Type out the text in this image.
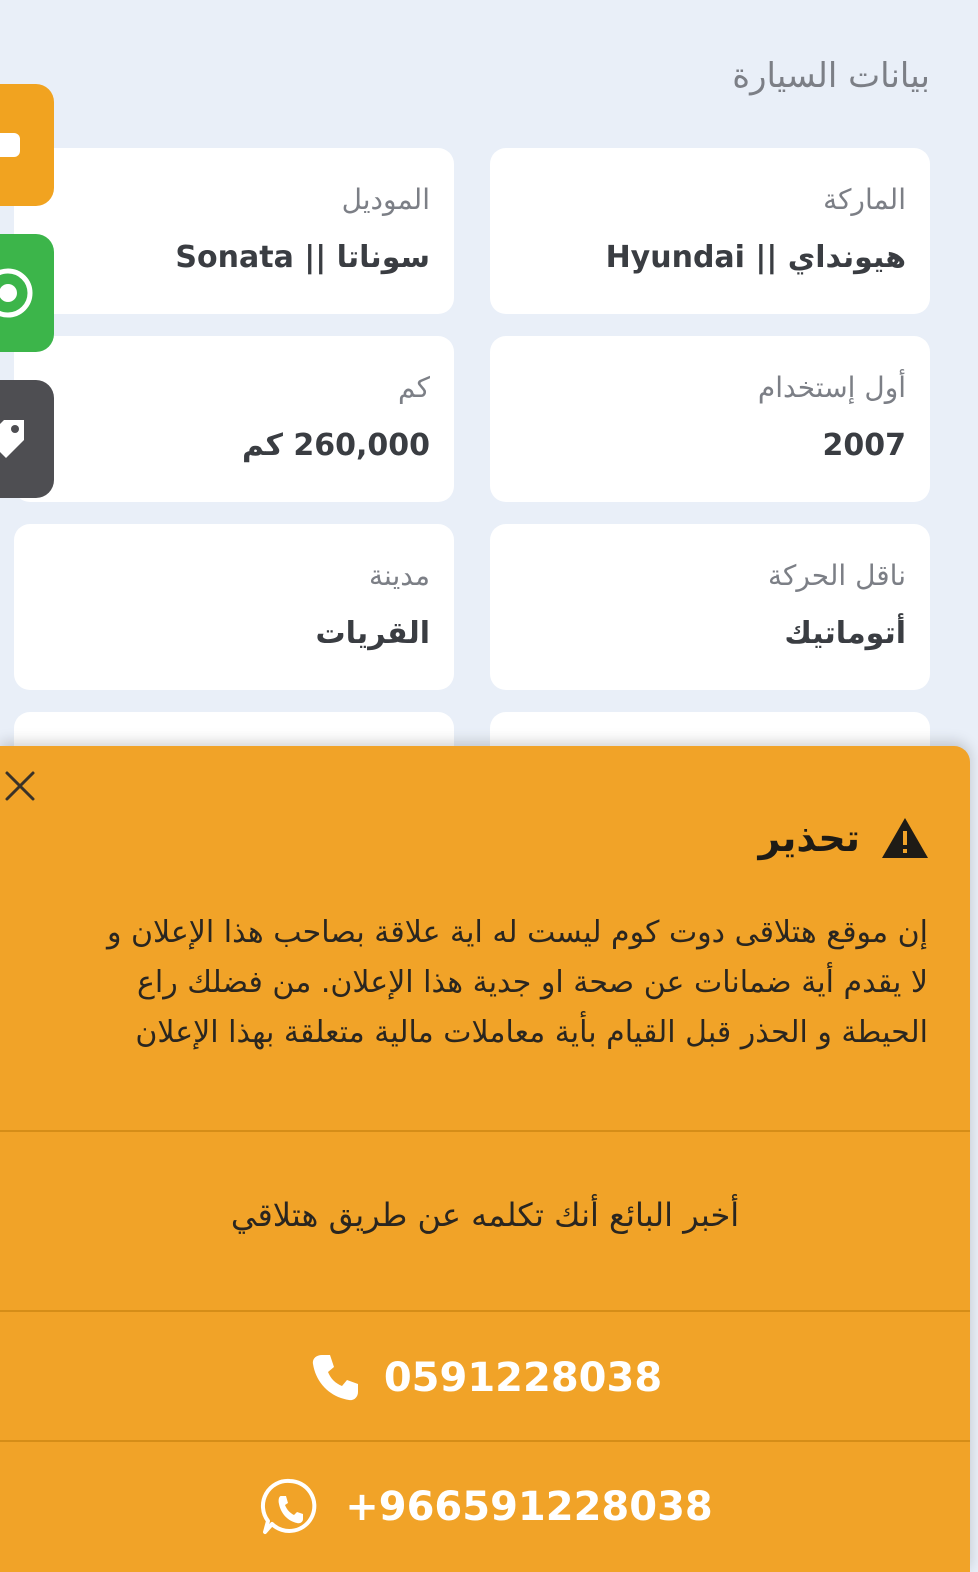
بيانات السيارة
الماركة
هيونداي || Hyundai
الموديل
سوناتا || Sonata
أول إستخدام
2007
كم
260,000 كم
ناقل الحركة
أتوماتيك
مدينة
القريات
تحذير
إن موقع هتلاقى دوت كوم ليست له اية علاقة بصاحب هذا الإعلان و
لا يقدم أية ضمانات عن صحة او جدية هذا الإعلان. من فضلك راع
الحيطة و الحذر قبل القيام بأية معاملات مالية متعلقة بهذا الإعلان
أخبر البائع أنك تكلمه عن طريق هتلاقي
0591228038
+966591228038
